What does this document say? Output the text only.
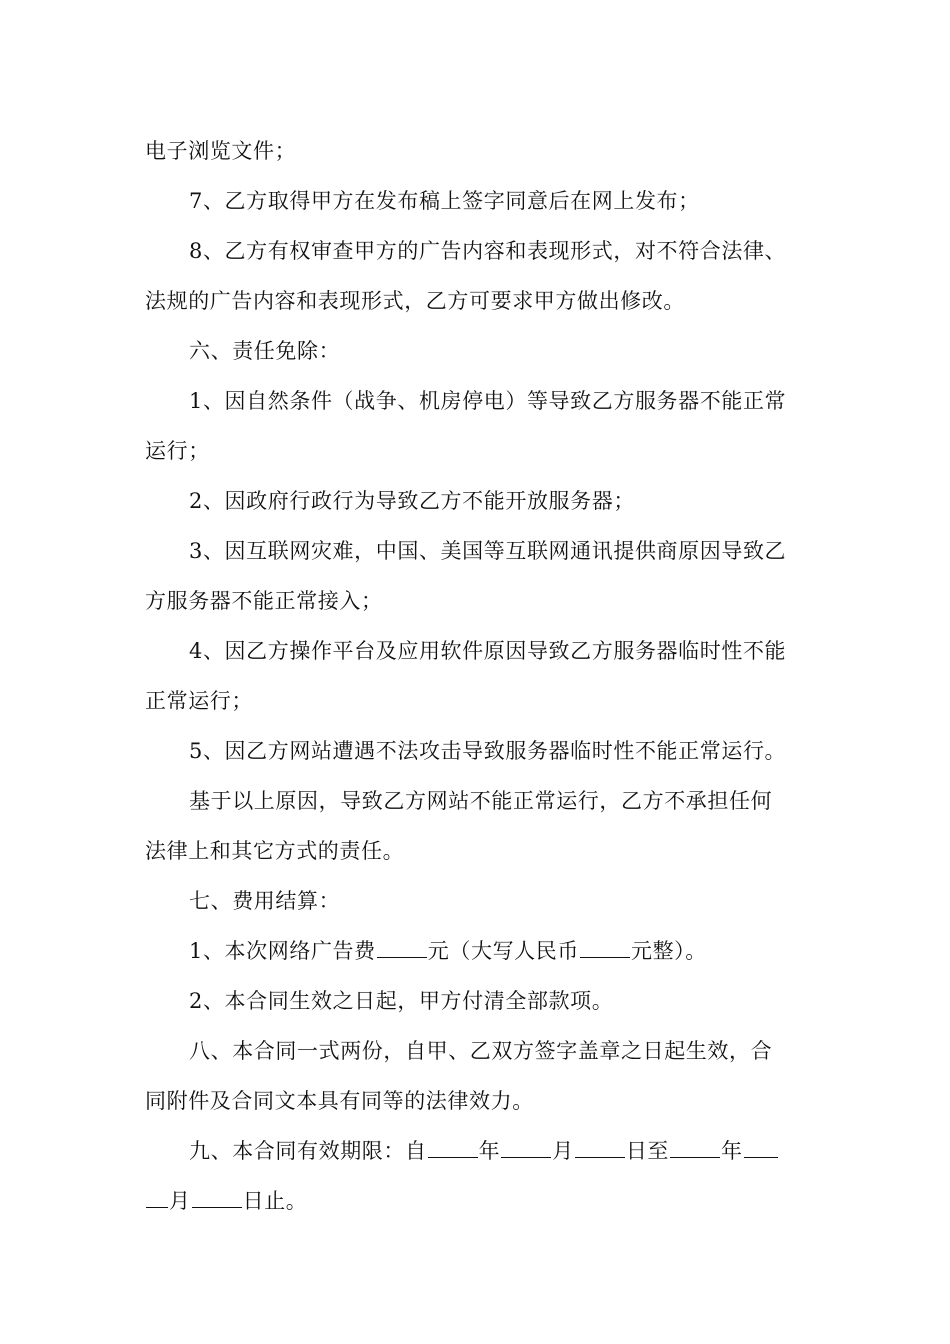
电子浏览文件；
7、乙方取得甲方在发布稿上签字同意后在网上发布；
8、乙方有权审查甲方的广告内容和表现形式，对不符合法律、
法规的广告内容和表现形式，乙方可要求甲方做出修改。
六、责任免除：
1、因自然条件（战争、机房停电）等导致乙方服务器不能正常
运行；
2、因政府行政行为导致乙方不能开放服务器；
3、因互联网灾难，中国、美国等互联网通讯提供商原因导致乙
方服务器不能正常接入；
4、因乙方操作平台及应用软件原因导致乙方服务器临时性不能
正常运行；
5、因乙方网站遭遇不法攻击导致服务器临时性不能正常运行。
基于以上原因，导致乙方网站不能正常运行，乙方不承担任何
法律上和其它方式的责任。
七、费用结算：
1、本次网络广告费 元（大写人民币 元整）。
2、本合同生效之日起，甲方付清全部款项。
八、本合同一式两份，自甲、乙双方签字盖章之日起生效，合
同附件及合同文本具有同等的法律效力。
九、本合同有效期限：自 年 月 日至 年
月 日止。
